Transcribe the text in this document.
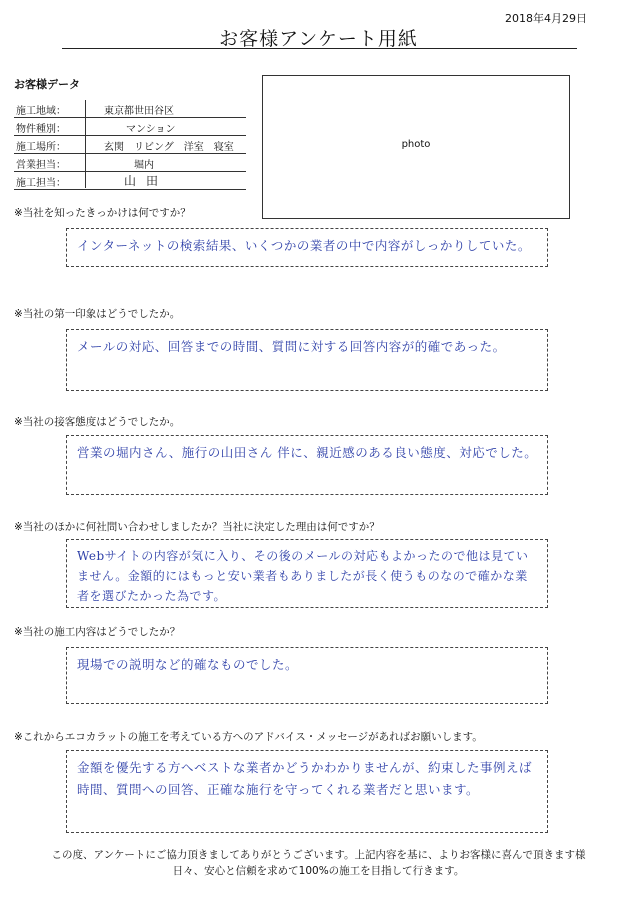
2018年4月29日
お客様アンケート用紙
お客様データ
施工地域：	東京都世田谷区
物件種別：	マンション
施工場所：	玄関　リビング　洋室　寝室
営業担当：	堀内
施工担当：	山田
photo
※当社を知ったきっかけは何ですか？
インターネットの検索結果、いくつかの業者の中で内容がしっかりしていた。
※当社の第一印象はどうでしたか。
メールの対応、回答までの時間、質問に対する回答内容が的確であった。
※当社の接客態度はどうでしたか。
営業の堀内さん、施行の山田さん 伴に、親近感のある良い態度、対応でした。
※当社のほかに何社問い合わせしましたか？当社に決定した理由は何ですか？
Webサイトの内容が気に入り、その後のメールの対応もよかったので他は見ていません。金額的にはもっと安い業者もありましたが長く使うものなので確かな業者を選びたかった為です。
※当社の施工内容はどうでしたか？
現場での説明など的確なものでした。
※これからエコカラットの施工を考えている方へのアドバイス・メッセージがあればお願いします。
金額を優先する方へベストな業者かどうかわかりませんが、約束した事例えば時間、質問への回答、正確な施行を守ってくれる業者だと思います。
この度、アンケートにご協力頂きましてありがとうございます。上記内容を基に、よりお客様に喜んで頂きます様
日々、安心と信頼を求めて100%の施工を目指して行きます。
